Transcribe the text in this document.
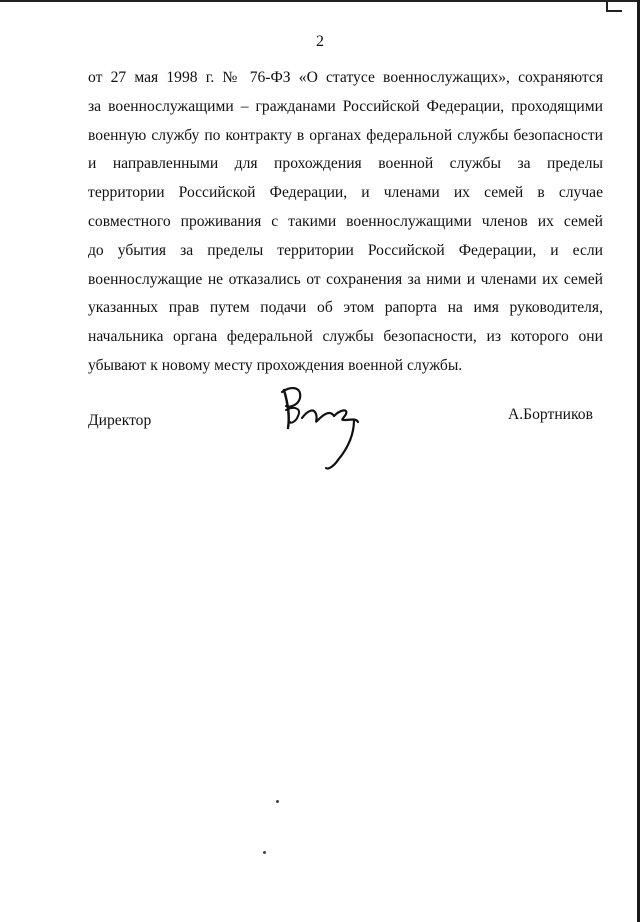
2
от 27 мая 1998 г. № 76-ФЗ «О статусе военнослужащих», сохраняются
за военнослужащими – гражданами Российской Федерации, проходящими
военную службу по контракту в органах федеральной службы безопасности
и направленными для прохождения военной службы за пределы
территории Российской Федерации, и членами их семей в случае
совместного проживания с такими военнослужащими членов их семей
до убытия за пределы территории Российской Федерации, и если
военнослужащие не отказались от сохранения за ними и членами их семей
указанных прав путем подачи об этом рапорта на имя руководителя,
начальника органа федеральной службы безопасности, из которого они
убывают к новому месту прохождения военной службы.
Директор	А.Бортников
